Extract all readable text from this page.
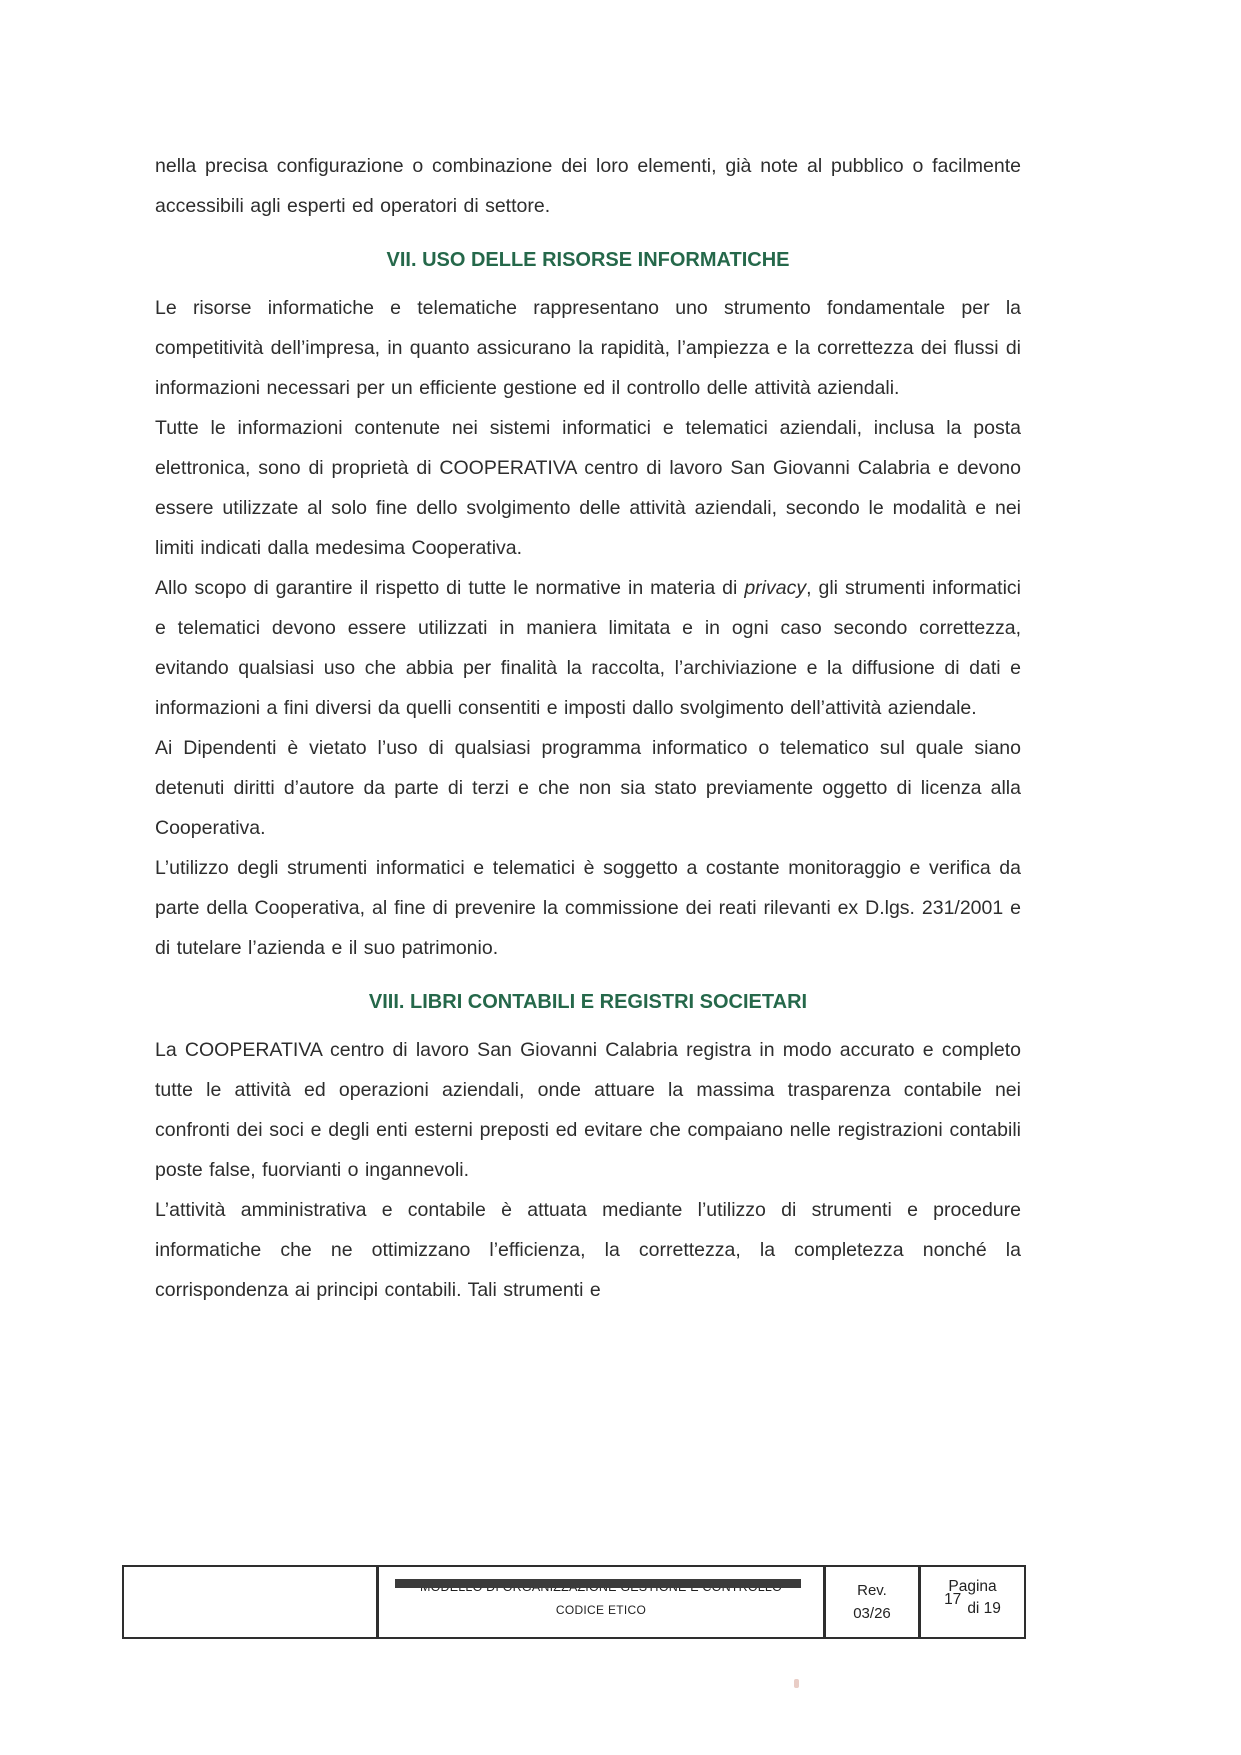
nella precisa configurazione o combinazione dei loro elementi, già note al pubblico o facilmente accessibili agli esperti ed operatori di settore.

VII. USO DELLE RISORSE INFORMATICHE

Le risorse informatiche e telematiche rappresentano uno strumento fondamentale per la competitività dell’impresa, in quanto assicurano la rapidità, l’ampiezza e la correttezza dei flussi di informazioni necessari per un efficiente gestione ed il controllo delle attività aziendali.

Tutte le informazioni contenute nei sistemi informatici e telematici aziendali, inclusa la posta elettronica, sono di proprietà di COOPERATIVA centro di lavoro San Giovanni Calabria e devono essere utilizzate al solo fine dello svolgimento delle attività aziendali, secondo le modalità e nei limiti indicati dalla medesima Cooperativa.

Allo scopo di garantire il rispetto di tutte le normative in materia di privacy, gli strumenti informatici e telematici devono essere utilizzati in maniera limitata e in ogni caso secondo correttezza, evitando qualsiasi uso che abbia per finalità la raccolta, l’archiviazione e la diffusione di dati e informazioni a fini diversi da quelli consentiti e imposti dallo svolgimento dell’attività aziendale.

Ai Dipendenti è vietato l’uso di qualsiasi programma informatico o telematico sul quale siano detenuti diritti d’autore da parte di terzi e che non sia stato previamente oggetto di licenza alla Cooperativa.

L’utilizzo degli strumenti informatici e telematici è soggetto a costante monitoraggio e verifica da parte della Cooperativa, al fine di prevenire la commissione dei reati rilevanti ex D.lgs. 231/2001 e di tutelare l’azienda e il suo patrimonio.

VIII. LIBRI CONTABILI E REGISTRI SOCIETARI

La COOPERATIVA centro di lavoro San Giovanni Calabria registra in modo accurato e completo tutte le attività ed operazioni aziendali, onde attuare la massima trasparenza contabile nei confronti dei soci e degli enti esterni preposti ed evitare che compaiano nelle registrazioni contabili poste false, fuorvianti o ingannevoli.

L’attività amministrativa e contabile è attuata mediante l’utilizzo di strumenti e procedure informatiche che ne ottimizzano l’efficienza, la correttezza, la completezza nonché la corrispondenza ai principi contabili. Tali strumenti e

CODICE ETICO
Rev.
03/26
Pagina
17di 19
